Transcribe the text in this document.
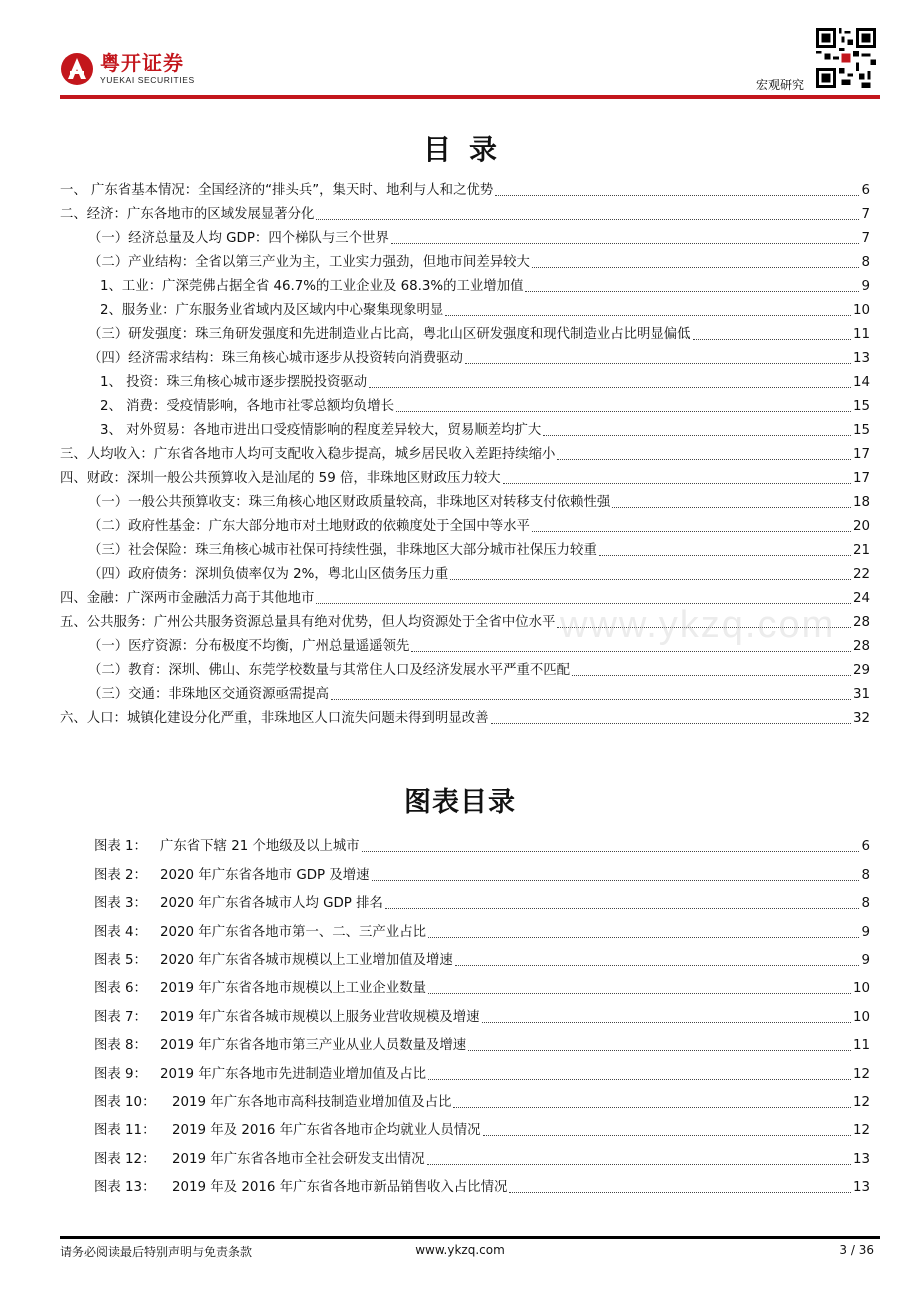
粤开证券
YUEKAI SECURITIES	宏观研究
目录
一、 广东省基本情况：全国经济的“排头兵”，集天时、地利与人和之优势	6
二、经济：广东各地市的区域发展显著分化	7
（一）经济总量及人均 GDP：四个梯队与三个世界	7
（二）产业结构：全省以第三产业为主，工业实力强劲，但地市间差异较大	8
1、工业：广深莞佛占据全省 46.7%的工业企业及 68.3%的工业增加值	9
2、服务业：广东服务业省域内及区域内中心聚集现象明显	10
（三）研发强度：珠三角研发强度和先进制造业占比高，粤北山区研发强度和现代制造业占比明显偏低	11
（四）经济需求结构：珠三角核心城市逐步从投资转向消费驱动	13
1、 投资：珠三角核心城市逐步摆脱投资驱动	14
2、 消费：受疫情影响，各地市社零总额均负增长	15
3、 对外贸易：各地市进出口受疫情影响的程度差异较大，贸易顺差均扩大	15
三、人均收入：广东省各地市人均可支配收入稳步提高，城乡居民收入差距持续缩小	17
四、财政：深圳一般公共预算收入是汕尾的 59 倍，非珠地区财政压力较大	17
（一）一般公共预算收支：珠三角核心地区财政质量较高，非珠地区对转移支付依赖性强	18
（二）政府性基金：广东大部分地市对土地财政的依赖度处于全国中等水平	20
（三）社会保险：珠三角核心城市社保可持续性强，非珠地区大部分城市社保压力较重	21
（四）政府债务：深圳负债率仅为 2%，粤北山区债务压力重	22
四、金融：广深两市金融活力高于其他地市	24
五、公共服务：广州公共服务资源总量具有绝对优势，但人均资源处于全省中位水平	28
（一）医疗资源：分布极度不均衡，广州总量遥遥领先	28
（二）教育：深圳、佛山、东莞学校数量与其常住人口及经济发展水平严重不匹配	29
（三）交通：非珠地区交通资源亟需提高	31
六、人口：城镇化建设分化严重，非珠地区人口流失问题未得到明显改善	32
图表目录
图表 1： 广东省下辖 21 个地级及以上城市	6
图表 2： 2020 年广东省各地市 GDP 及增速	8
图表 3： 2020 年广东省各城市人均 GDP 排名	8
图表 4： 2020 年广东省各地市第一、二、三产业占比	9
图表 5： 2020 年广东省各城市规模以上工业增加值及增速	9
图表 6： 2019 年广东省各地市规模以上工业企业数量	10
图表 7： 2019 年广东省各城市规模以上服务业营收规模及增速	10
图表 8： 2019 年广东省各地市第三产业从业人员数量及增速	11
图表 9： 2019 年广东各地市先进制造业增加值及占比	12
图表 10：	2019 年广东各地市高科技制造业增加值及占比	12
图表 11：	2019 年及 2016 年广东省各地市企均就业人员情况	12
图表 12：	2019 年广东省各地市全社会研发支出情况	13
图表 13：	2019 年及 2016 年广东省各地市新品销售收入占比情况	13
www.ykzq.com
请务必阅读最后特别声明与免责条款	www.ykzq.com	3 / 36
